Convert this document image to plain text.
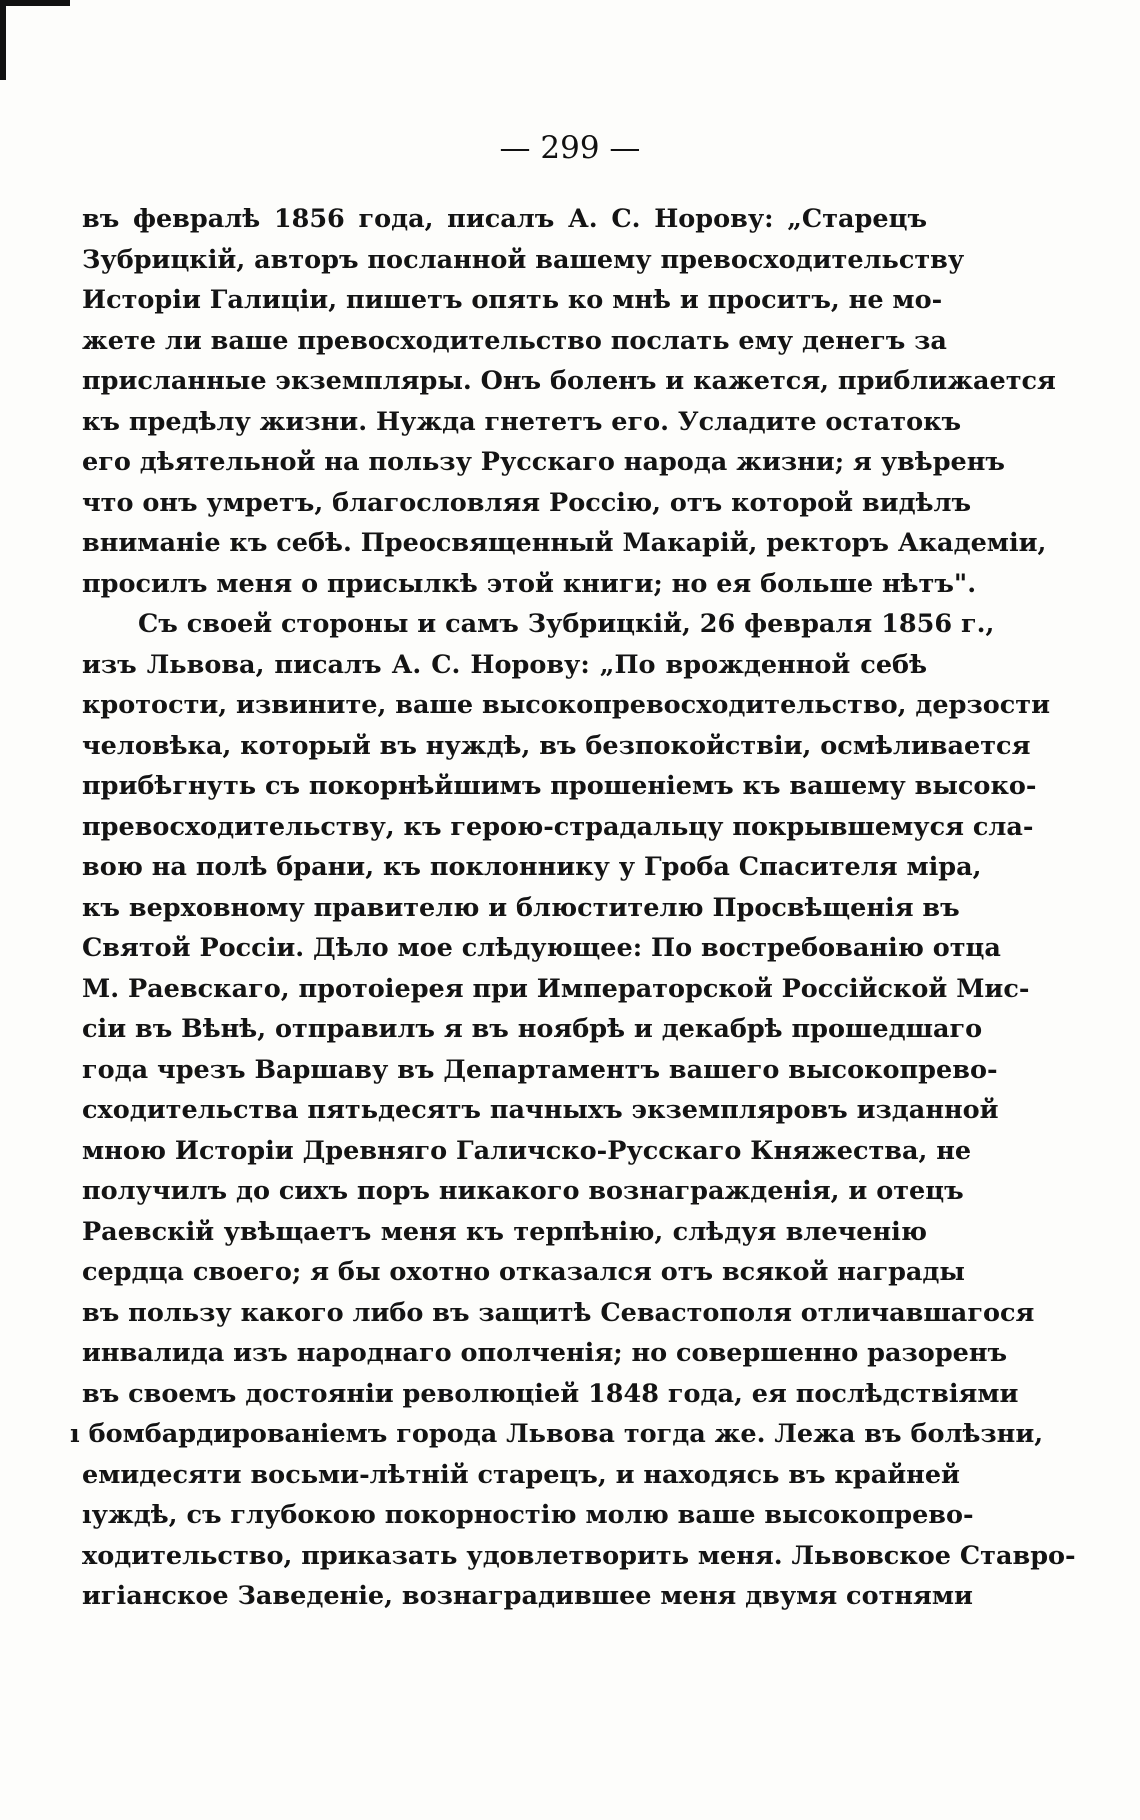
— 299 —
въ февралѣ 1856 года, писалъ А. С. Норову: „Старецъ
Зубрицкій, авторъ посланной вашему превосходительству
Исторіи Галиціи, пишетъ опять ко мнѣ и проситъ, не мо-
жете ли ваше превосходительство послать ему денегъ за
присланные экземпляры. Онъ боленъ и кажется, приближается
къ предѣлу жизни. Нужда гнететъ его. Усладите остатокъ
его дѣятельной на пользу Русскаго народа жизни; я увѣренъ
что онъ умретъ, благословляя Россію, отъ которой видѣлъ
вниманіе къ себѣ. Преосвященный Макарій, ректоръ Академіи,
просилъ меня о присылкѣ этой книги; но ея больше нѣтъ".
Съ своей стороны и самъ Зубрицкій, 26 февраля 1856 г.,
изъ Львова, писалъ А. С. Норову: „По врожденной себѣ
кротости, извините, ваше высокопревосходительство, дерзости
человѣка, который въ нуждѣ, въ безпокойствіи, осмѣливается
прибѣгнуть съ покорнѣйшимъ прошеніемъ къ вашему высоко-
превосходительству, къ герою-страдальцу покрывшемуся сла-
вою на полѣ брани, къ поклоннику у Гроба Спасителя міра,
къ верховному правителю и блюстителю Просвѣщенія въ
Святой Россіи. Дѣло мое слѣдующее: По востребованію отца
М. Раевскаго, протоіерея при Императорской Россійской Мис-
сіи въ Вѣнѣ, отправилъ я въ ноябрѣ и декабрѣ прошедшаго
года чрезъ Варшаву въ Департаментъ вашего высокопрево-
сходительства пятьдесятъ пачныхъ экземпляровъ изданной
мною Исторіи Древняго Галичско-Русскаго Княжества, не
получилъ до сихъ поръ никакого вознагражденія, и отецъ
Раевскій увѣщаетъ меня къ терпѣнію, слѣдуя влеченію
сердца своего; я бы охотно отказался отъ всякой награды
въ пользу какого либо въ защитѣ Севастополя отличавшагося
инвалида изъ народнаго ополченія; но совершенно разоренъ
въ своемъ достояніи революціей 1848 года, ея послѣдствіями
ı бомбардированіемъ города Львова тогда же. Лежа въ болѣзни,
емидесяти восьми-лѣтній старецъ, и находясь въ крайней
ıуждѣ, съ глубокою покорностію молю ваше высокопрево-
ходительство, приказать удовлетворить меня. Львовское Ставро-
игіанское Заведеніе, вознаградившее меня двумя сотнями
